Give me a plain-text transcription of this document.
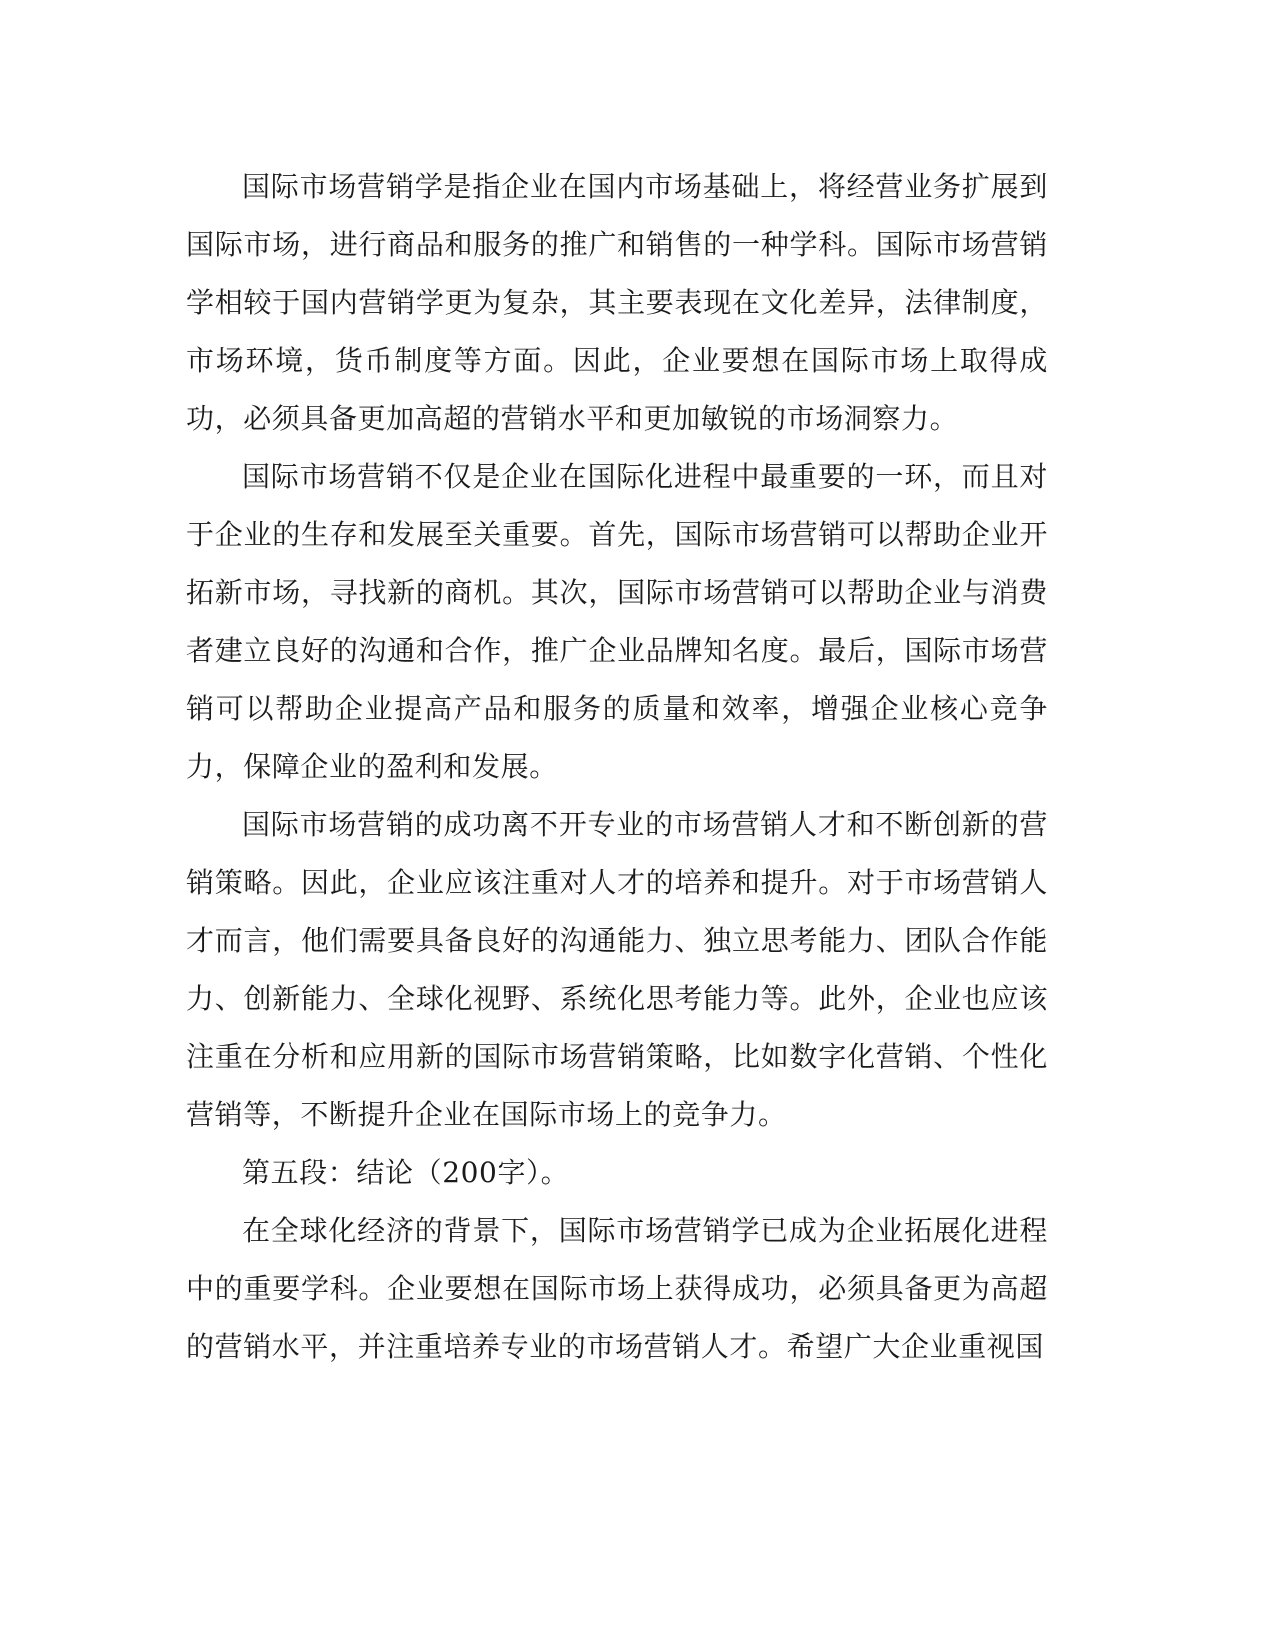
国际市场营销学是指企业在国内市场基础上，将经营业务扩展到国际市场，进行商品和服务的推广和销售的一种学科。国际市场营销学相较于国内营销学更为复杂，其主要表现在文化差异，法律制度，市场环境，货币制度等方面。因此，企业要想在国际市场上取得成功，必须具备更加高超的营销水平和更加敏锐的市场洞察力。

国际市场营销不仅是企业在国际化进程中最重要的一环，而且对于企业的生存和发展至关重要。首先，国际市场营销可以帮助企业开拓新市场，寻找新的商机。其次，国际市场营销可以帮助企业与消费者建立良好的沟通和合作，推广企业品牌知名度。最后，国际市场营销可以帮助企业提高产品和服务的质量和效率，增强企业核心竞争力，保障企业的盈利和发展。

国际市场营销的成功离不开专业的市场营销人才和不断创新的营销策略。因此，企业应该注重对人才的培养和提升。对于市场营销人才而言，他们需要具备良好的沟通能力、独立思考能力、团队合作能力、创新能力、全球化视野、系统化思考能力等。此外，企业也应该注重在分析和应用新的国际市场营销策略，比如数字化营销、个性化营销等，不断提升企业在国际市场上的竞争力。

第五段：结论（200字）。

在全球化经济的背景下，国际市场营销学已成为企业拓展化进程中的重要学科。企业要想在国际市场上获得成功，必须具备更为高超的营销水平，并注重培养专业的市场营销人才。希望广大企业重视国
